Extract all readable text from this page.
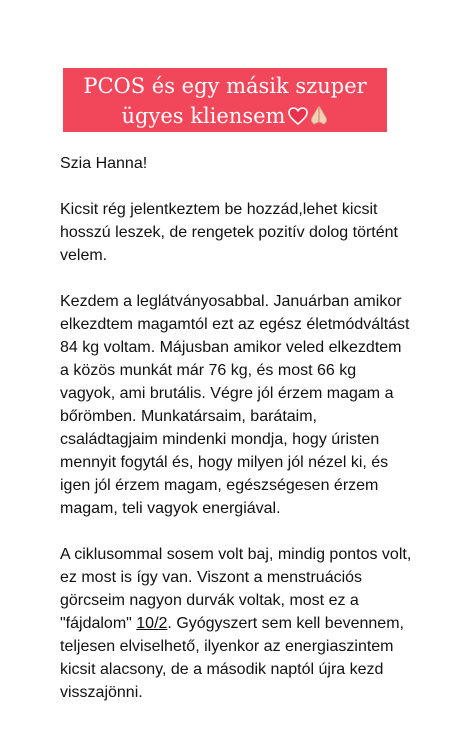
PCOS és egy másik szuper
ügyes kliensem

Szia Hanna!

Kicsit rég jelentkeztem be hozzád,lehet kicsit hosszú leszek, de rengetek pozitív dolog történt velem.

Kezdem a leglátványosabbal. Januárban amikor elkezdtem magamtól ezt az egész életmódváltást 84 kg voltam. Májusban amikor veled elkezdtem a közös munkát már 76 kg, és most 66 kg vagyok, ami brutális. Végre jól érzem magam a bőrömben. Munkatársaim, barátaim, családtagjaim mindenki mondja, hogy úristen mennyit fogytál és, hogy milyen jól nézel ki, és igen jól érzem magam, egészségesen érzem magam, teli vagyok energiával.

A ciklusommal sosem volt baj, mindig pontos volt, ez most is így van. Viszont a menstruációs görcseim nagyon durvák voltak, most ez a "fájdalom" 10/2. Gyógyszert sem kell bevennem, teljesen elviselhető, ilyenkor az energiaszintem kicsit alacsony, de a második naptól újra kezd visszajönni.
